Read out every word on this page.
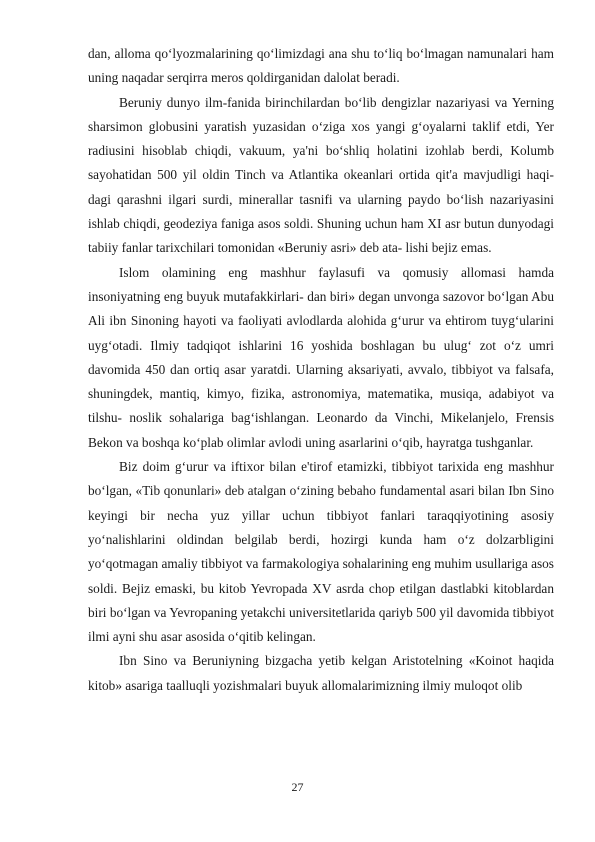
dan, alloma qoʻlyozmalarining qoʻlimizdagi ana shu toʻliq boʻlmagan namunalari ham uning naqadar serqirra meros qoldirganidan dalolat beradi.

Beruniy dunyo ilm-fanida birinchilardan boʻlib dengizlar nazariyasi va Yerning sharsimon globusini yaratish yuzasidan oʻziga xos yangi gʻoyalarni taklif etdi, Yer radiusini hisoblab chiqdi, vakuum, ya'ni boʻshliq holatini izohlab berdi, Kolumb sayohatidan 500 yil oldin Tinch va Atlantika okeanlari ortida qit'a mavjudligi haqi- dagi qarashni ilgari surdi, minerallar tasnifi va ularning paydo boʻlish nazariyasini ishlab chiqdi, geodeziya faniga asos soldi. Shuning uchun ham XI asr butun dunyodagi tabiiy fanlar tarixchilari tomonidan «Beruniy asri» deb ata- lishi bejiz emas.

Islom olamining eng mashhur faylasufi va qomusiy allomasi hamda insoniyatning eng buyuk mutafakkirlari- dan biri» degan unvonga sazovor boʻlgan Abu Ali ibn Sinoning hayoti va faoliyati avlodlarda alohida gʻurur va ehtirom tuygʻularini uygʻotadi. Ilmiy tadqiqot ishlarini 16 yoshida boshlagan bu ulugʻ zot oʻz umri davomida 450 dan ortiq asar yaratdi. Ularning aksariyati, avvalo, tibbiyot va falsafa, shuningdek, mantiq, kimyo, fizika, astronomiya, matematika, musiqa, adabiyot va tilshu- noslik sohalariga bagʻishlangan. Leonardo da Vinchi, Mikelanjelo, Frensis Bekon va boshqa koʻplab olimlar avlodi uning asarlarini oʻqib, hayratga tushganlar.

Biz doim gʻurur va iftixor bilan e'tirof etamizki, tibbiyot tarixida eng mashhur boʻlgan, «Tib qonunlari» deb atalgan oʻzining bebaho fundamental asari bilan Ibn Sino keyingi bir necha yuz yillar uchun tibbiyot fanlari taraqqiyotining asosiy yoʻnalishlarini oldindan belgilab berdi, hozirgi kunda ham oʻz dolzarbligini yoʻqotmagan amaliy tibbiyot va farmakologiya sohalarining eng muhim usullariga asos soldi. Bejiz emaski, bu kitob Yevropada XV asrda chop etilgan dastlabki kitoblardan biri boʻlgan va Yevropaning yetakchi universitetlarida qariyb 500 yil davomida tibbiyot ilmi ayni shu asar asosida oʻqitib kelingan.

Ibn Sino va Beruniyning bizgacha yetib kelgan Aristotelning «Koinot haqida kitob» asariga taalluqli yozishmalari buyuk allomalarimizning ilmiy muloqot olib

27
